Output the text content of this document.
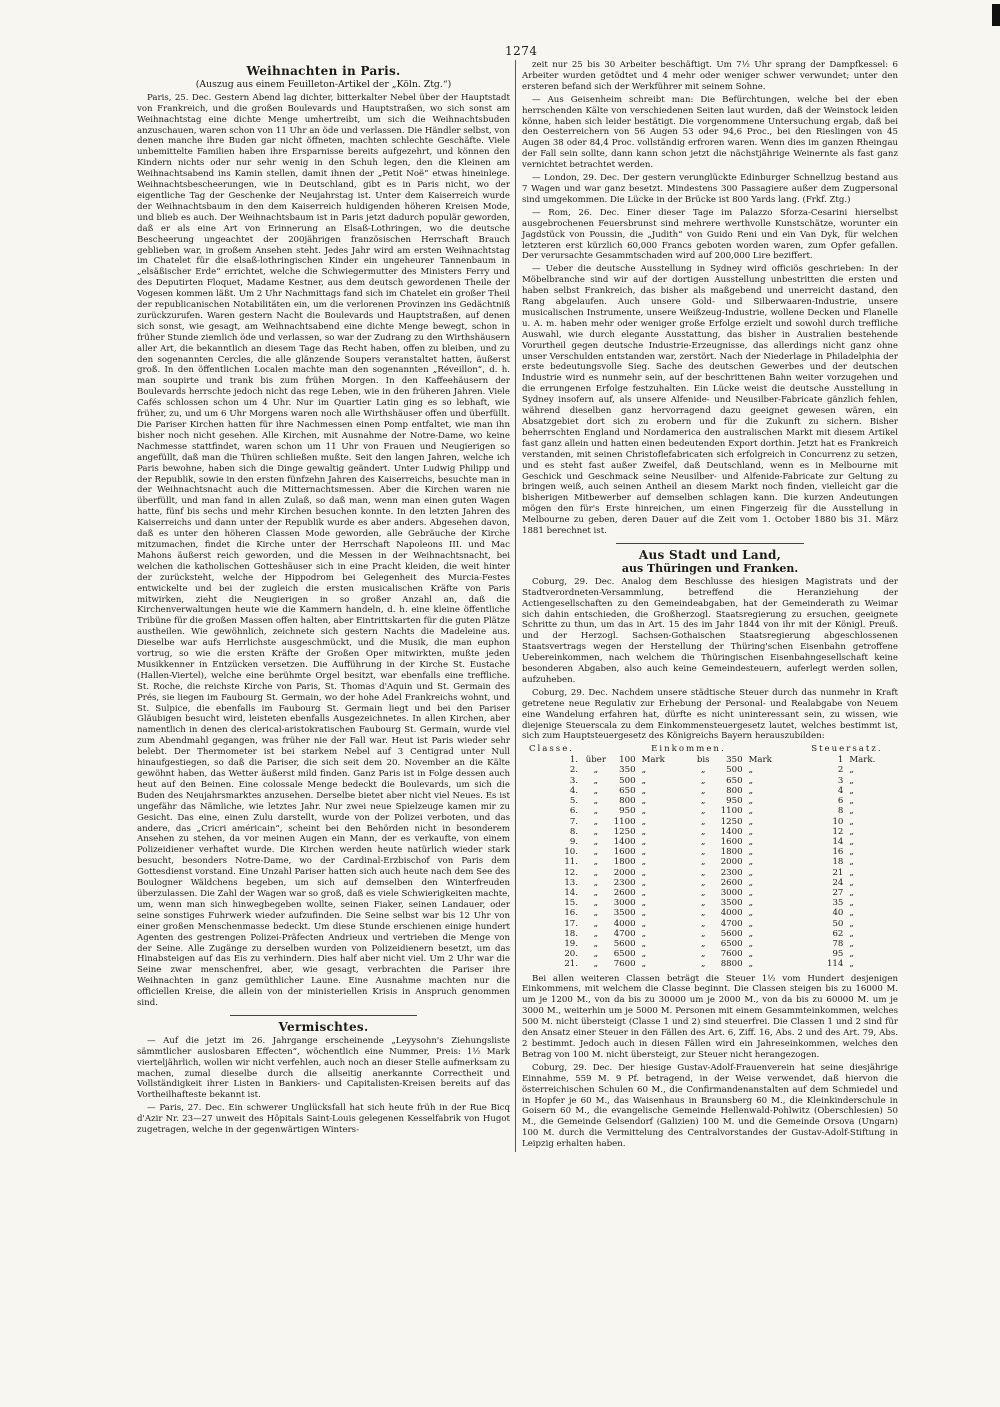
1274
Weihnachten in Paris.

(Auszug aus einem Feuilleton-Artikel der „Köln. Ztg.“)

Paris, 25. Dec. Gestern Abend lag dichter, bitterkalter Nebel über der Hauptstadt von Frankreich, und die großen Boulevards und Hauptstraßen, wo sich sonst am Weihnachtstag eine dichte Menge umhertreibt, um sich die Weihnachtsbuden anzuschauen, waren schon von 11 Uhr an öde und verlassen. Die Händler selbst, von denen manche ihre Buden gar nicht öffneten, machten schlechte Geschäfte. Viele unbemittelte Familien haben ihre Ersparnisse bereits aufgezehrt, und können den Kindern nichts oder nur sehr wenig in den Schuh legen, den die Kleinen am Weihnachtsabend ins Kamin stellen, damit ihnen der „Petit Noë“ etwas hineinlege. Weihnachtsbescheerungen, wie in Deutschland, gibt es in Paris nicht, wo der eigentliche Tag der Geschenke der Neujahrstag ist. Unter dem Kaiserreich wurde der Weihnachtsbaum in den dem Kaiserreich huldigenden höheren Kreisen Mode, und blieb es auch. Der Weihnachtsbaum ist in Paris jetzt dadurch populär geworden, daß er als eine Art von Erinnerung an Elsaß-Lothringen, wo die deutsche Bescheerung ungeachtet der 200jährigen französischen Herrschaft Brauch geblieben war, in großem Ansehen steht. Jedes Jahr wird am ersten Weihnachtstag im Chatelet für die elsaß-lothringischen Kinder ein ungeheurer Tannenbaum in „elsäßischer Erde“ errichtet, welche die Schwiegermutter des Ministers Ferry und des Deputirten Floquet, Madame Kestner, aus dem deutsch gewordenen Theile der Vogesen kommen läßt. Um 2 Uhr Nachmittags fand sich im Chatelet ein großer Theil der republicanischen Notabilitäten ein, um die verlorenen Provinzen ins Gedächtniß zurückzurufen. Waren gestern Nacht die Boulevards und Hauptstraßen, auf denen sich sonst, wie gesagt, am Weihnachtsabend eine dichte Menge bewegt, schon in früher Stunde ziemlich öde und verlassen, so war der Zudrang zu den Wirthshäusern aller Art, die bekanntlich an diesem Tage das Recht haben, offen zu bleiben, und zu den sogenannten Cercles, die alle glänzende Soupers veranstaltet hatten, äußerst groß. In den öffentlichen Localen machte man den sogenannten „Réveillon“, d. h. man soupirte und trank bis zum frühen Morgen. In den Kaffeehäusern der Boulevards herrschte jedoch nicht das rege Leben, wie in den früheren Jahren. Viele Cafés schlossen schon um 4 Uhr. Nur im Quartier Latin ging es so lebhaft, wie früher, zu, und um 6 Uhr Morgens waren noch alle Wirthshäuser offen und überfüllt. Die Pariser Kirchen hatten für ihre Nachmessen einen Pomp entfaltet, wie man ihn bisher noch nicht gesehen. Alle Kirchen, mit Ausnahme der Notre-Dame, wo keine Nachmesse stattfindet, waren schon um 11 Uhr von Frauen und Neugierigen so angefüllt, daß man die Thüren schließen mußte. Seit den langen Jahren, welche ich Paris bewohne, haben sich die Dinge gewaltig geändert. Unter Ludwig Philipp und der Republik, sowie in den ersten fünfzehn Jahren des Kaiserreichs, besuchte man in der Weihnachtsnacht auch die Mitternachtsmessen. Aber die Kirchen waren nie überfüllt, und man fand in allen Zulaß, so daß man, wenn man einen guten Wagen hatte, fünf bis sechs und mehr Kirchen besuchen konnte. In den letzten Jahren des Kaiserreichs und dann unter der Republik wurde es aber anders. Abgesehen davon, daß es unter den höheren Classen Mode geworden, alle Gebräuche der Kirche mitzumachen, findet die Kirche unter der Herrschaft Napoleons III. und Mac Mahons äußerst reich geworden, und die Messen in der Weihnachtsnacht, bei welchen die katholischen Gotteshäuser sich in eine Pracht kleiden, die weit hinter der zurücksteht, welche der Hippodrom bei Gelegenheit des Murcia-Festes entwickelte und bei der zugleich die ersten musicalischen Kräfte von Paris mitwirken, zieht die Neugierigen in so großer Anzahl an, daß die Kirchenverwaltungen heute wie die Kammern handeln, d. h. eine kleine öffentliche Tribüne für die großen Massen offen halten, aber Eintrittskarten für die guten Plätze austheilen. Wie gewöhnlich, zeichnete sich gestern Nachts die Madeleine aus. Dieselbe war aufs Herrlichste ausgeschmückt, und die Musik, die man euphon vortrug, so wie die ersten Kräfte der Großen Oper mitwirkten, mußte jeden Musikkenner in Entzücken versetzen. Die Aufführung in der Kirche St. Eustache (Hallen-Viertel), welche eine berühmte Orgel besitzt, war ebenfalls eine treffliche. St. Roche, die reichste Kirche von Paris, St. Thomas d'Aquin und St. Germain des Prés, sie liegen im Faubourg St. Germain, wo der hohe Adel Frankreichs wohnt, und St. Sulpice, die ebenfalls im Faubourg St. Germain liegt und bei den Pariser Gläubigen besucht wird, leisteten ebenfalls Ausgezeichnetes. In allen Kirchen, aber namentlich in denen des clerical-aristokratischen Faubourg St. Germain, wurde viel zum Abendmahl gegangen, was früher nie der Fall war. Heut ist Paris wieder sehr belebt. Der Thermometer ist bei starkem Nebel auf 3 Centigrad unter Null hinaufgestiegen, so daß die Pariser, die sich seit dem 20. November an die Kälte gewöhnt haben, das Wetter äußerst mild finden. Ganz Paris ist in Folge dessen auch heut auf den Beinen. Eine colossale Menge bedeckt die Boulevards, um sich die Buden des Neujahrsmarktes anzusehen. Derselbe bietet aber nicht viel Neues. Es ist ungefähr das Nämliche, wie letztes Jahr. Nur zwei neue Spielzeuge kamen mir zu Gesicht. Das eine, einen Zulu darstellt, wurde von der Polizei verboten, und das andere, das „Cricri américain“, scheint bei den Behörden nicht in besonderem Ansehen zu stehen, da vor meinen Augen ein Mann, der es verkaufte, von einem Polizeidiener verhaftet wurde. Die Kirchen werden heute natürlich wieder stark besucht, besonders Notre-Dame, wo der Cardinal-Erzbischof von Paris dem Gottesdienst vorstand. Eine Unzahl Pariser hatten sich auch heute nach dem See des Boulogner Wäldchens begeben, um sich auf demselben den Winterfreuden überzulassen. Die Zahl der Wagen war so groß, daß es viele Schwierigkeiten machte, um, wenn man sich hinwegbegeben wollte, seinen Fiaker, seinen Landauer, oder seine sonstiges Fuhrwerk wieder aufzufinden. Die Seine selbst war bis 12 Uhr von einer großen Menschenmasse bedeckt. Um diese Stunde erschienen einige hundert Agenten des gestrengen Polizei-Präfecten Andrieux und vertrieben die Menge von der Seine. Alle Zugänge zu derselben wurden von Polizeidienern besetzt, um das Hinabsteigen auf das Eis zu verhindern. Dies half aber nicht viel. Um 2 Uhr war die Seine zwar menschenfrei, aber, wie gesagt, verbrachten die Pariser ihre Weihnachten in ganz gemüthlicher Laune. Eine Ausnahme machten nur die officiellen Kreise, die allein von der ministeriellen Krisis in Anspruch genommen sind.

Vermischtes.

— Auf die jetzt im 26. Jahrgange erscheinende „Leyysohn's Ziehungsliste sämmtlicher auslosbaren Effecten“, wöchentlich eine Nummer, Preis: 1½ Mark vierteljährlich, wollen wir nicht verfehlen, auch noch an dieser Stelle aufmerksam zu machen, zumal dieselbe durch die allseitig anerkannte Correctheit und Vollständigkeit ihrer Listen in Bankiers- und Capitalisten-Kreisen bereits auf das Vortheilhafteste bekannt ist.

— Paris, 27. Dec. Ein schwerer Unglücksfall hat sich heute früh in der Rue Bicq d'Azir Nr. 23—27 unweit des Hôpitals Saint-Louis gelegenen Kesselfabrik von Hugot zugetragen, welche in der gegenwärtigen Winters-

zeit nur 25 bis 30 Arbeiter beschäftigt. Um 7½ Uhr sprang der Dampfkessel: 6 Arbeiter wurden getödtet und 4 mehr oder weniger schwer verwundet; unter den ersteren befand sich der Werkführer mit seinem Sohne.

— Aus Geisenheim schreibt man: Die Befürchtungen, welche bei der eben herrschenden Kälte von verschiedenen Seiten laut wurden, daß der Weinstock leiden könne, haben sich leider bestätigt. Die vorgenommene Untersuchung ergab, daß bei den Oesterreichern von 56 Augen 53 oder 94,6 Proc., bei den Rieslingen von 45 Augen 38 oder 84,4 Proc. vollständig erfroren waren. Wenn dies im ganzen Rheingau der Fall sein sollte, dann kann schon jetzt die nächstjährige Weinernte als fast ganz vernichtet betrachtet werden.

— London, 29. Dec. Der gestern verunglückte Edinburger Schnellzug bestand aus 7 Wagen und war ganz besetzt. Mindestens 300 Passagiere außer dem Zugpersonal sind umgekommen. Die Lücke in der Brücke ist 800 Yards lang. (Frkf. Ztg.)

— Rom, 26. Dec. Einer dieser Tage im Palazzo Sforza-Cesarini hierselbst ausgebrochenen Feuersbrunst sind mehrere werthvolle Kunstschätze, worunter ein Jagdstück von Poussin, die „Judith“ von Guido Reni und ein Van Dyk, für welchen letzteren erst kürzlich 60,000 Francs geboten worden waren, zum Opfer gefallen. Der verursachte Gesammtschaden wird auf 200,000 Lire beziffert.

— Ueber die deutsche Ausstellung in Sydney wird officiös geschrieben: In der Möbelbranche sind wir auf der dortigen Ausstellung unbestritten die ersten und haben selbst Frankreich, das bisher als maßgebend und unerreicht dastand, den Rang abgelaufen. Auch unsere Gold- und Silberwaaren-Industrie, unsere musicalischen Instrumente, unsere Weißzeug-Industrie, wollene Decken und Flanelle u. A. m. haben mehr oder weniger große Erfolge erzielt und sowohl durch treffliche Auswahl, wie durch elegante Ausstattung, das bisher in Australien bestehende Vorurtheil gegen deutsche Industrie-Erzeugnisse, das allerdings nicht ganz ohne unser Verschulden entstanden war, zerstört. Nach der Niederlage in Philadelphia der erste bedeutungsvolle Sieg. Sache des deutschen Gewerbes und der deutschen Industrie wird es nunmehr sein, auf der beschrittenen Bahn weiter vorzugehen und die errungenen Erfolge festzuhalten. Ein Lücke weist die deutsche Ausstellung in Sydney insofern auf, als unsere Alfenide- und Neusilber-Fabricate gänzlich fehlen, während dieselben ganz hervorragend dazu geeignet gewesen wären, ein Absatzgebiet dort sich zu erobern und für die Zukunft zu sichern. Bisher beherrschten England und Nordamerica den australischen Markt mit diesem Artikel fast ganz allein und hatten einen bedeutenden Export dorthin. Jetzt hat es Frankreich verstanden, mit seinen Christoflefabricaten sich erfolgreich in Concurrenz zu setzen, und es steht fast außer Zweifel, daß Deutschland, wenn es in Melbourne mit Geschick und Geschmack seine Neusilber- und Alfenide-Fabricate zur Geltung zu bringen weiß, auch seinen Antheil an diesem Markt noch finden, vielleicht gar die bisherigen Mitbewerber auf demselben schlagen kann. Die kurzen Andeutungen mögen den für's Erste hinreichen, um einen Fingerzeig für die Ausstellung in Melbourne zu geben, deren Dauer auf die Zeit vom 1. October 1880 bis 31. März 1881 berechnet ist.

Aus Stadt und Land,

aus Thüringen und Franken.

Coburg, 29. Dec. Analog dem Beschlusse des hiesigen Magistrats und der Stadtverordneten-Versammlung, betreffend die Heranziehung der Actiengesellschaften zu den Gemeindeabgaben, hat der Gemeinderath zu Weimar sich dahin entschieden, die Großherzogl. Staatsregierung zu ersuchen, geeignete Schritte zu thun, um das in Art. 15 des im Jahr 1844 von ihr mit der Königl. Preuß. und der Herzogl. Sachsen-Gothaischen Staatsregierung abgeschlossenen Staatsvertrags wegen der Herstellung der Thüring'schen Eisenbahn getroffene Uebereinkommen, nach welchem die Thüringischen Eisenbahngesellschaft keine besonderen Abgaben, also auch keine Gemeindesteuern, auferlegt werden sollen, aufzuheben.

Coburg, 29. Dec. Nachdem unsere städtische Steuer durch das nunmehr in Kraft getretene neue Regulativ zur Erhebung der Personal- und Realabgabe von Neuem eine Wandelung erfahren hat, dürfte es nicht uninteressant sein, zu wissen, wie diejenige Steuerscala zu dem Einkommensteuergesetz lautet, welches bestimmt ist, sich zum Hauptsteuergesetz des Königreichs Bayern herauszubilden:

Classe.	Einkommen.						Steuersatz.	
1.	über	100	Mark	bis	350	Mark	1	Mark.
2.	„	350	„	„	500	„	2	„
3.	„	500	„	„	650	„	3	„
4.	„	650	„	„	800	„	4	„
5.	„	800	„	„	950	„	6	„
6.	„	950	„	„	1100	„	8	„
7.	„	1100	„	„	1250	„	10	„
8.	„	1250	„	„	1400	„	12	„
9.	„	1400	„	„	1600	„	14	„
10.	„	1600	„	„	1800	„	16	„
11.	„	1800	„	„	2000	„	18	„
12.	„	2000	„	„	2300	„	21	„
13.	„	2300	„	„	2600	„	24	„
14.	„	2600	„	„	3000	„	27	„
15.	„	3000	„	„	3500	„	35	„
16.	„	3500	„	„	4000	„	40	„
17.	„	4000	„	„	4700	„	50	„
18.	„	4700	„	„	5600	„	62	„
19.	„	5600	„	„	6500	„	78	„
20.	„	6500	„	„	7600	„	95	„
21.	„	7600	„	„	8800	„	114	„

Bei allen weiteren Classen beträgt die Steuer 1½ vom Hundert desjenigen Einkommens, mit welchem die Classe beginnt. Die Classen steigen bis zu 16000 M. um je 1200 M., von da bis zu 30000 um je 2000 M., von da bis zu 60000 M. um je 3000 M., weiterhin um je 5000 M. Personen mit einem Gesammteinkommen, welches 500 M. nicht übersteigt (Classe 1 und 2) sind steuerfrei. Die Classen 1 und 2 sind für den Ansatz einer Steuer in den Fällen des Art. 6, Ziff. 16, Abs. 2 und des Art. 79, Abs. 2 bestimmt. Jedoch auch in diesen Fällen wird ein Jahreseinkommen, welches den Betrag von 100 M. nicht übersteigt, zur Steuer nicht herangezogen.

Coburg, 29. Dec. Der hiesige Gustav-Adolf-Frauenverein hat seine diesjährige Einnahme, 559 M. 9 Pf. betragend, in der Weise verwendet, daß hiervon die österreichischen Schulen 60 M., die Confirmandenanstalten auf dem Schmiedel und in Hopfer je 60 M., das Waisenhaus in Braunsberg 60 M., die Kleinkinderschule in Goisern 60 M., die evangelische Gemeinde Hellenwald-Pohlwitz (Oberschlesien) 50 M., die Gemeinde Gelsendorf (Galizien) 100 M. und die Gemeinde Orsova (Ungarn) 100 M. durch die Vermittelung des Centralvorstandes der Gustav-Adolf-Stiftung in Leipzig erhalten haben.
